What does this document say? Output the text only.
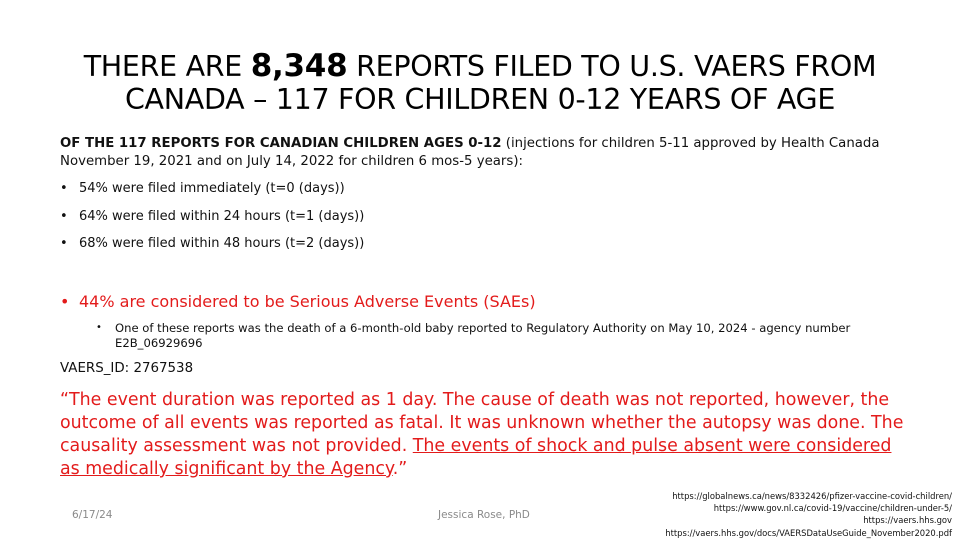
THERE ARE 8,348 REPORTS FILED TO U.S. VAERS FROM CANADA – 117 FOR CHILDREN 0-12 YEARS OF AGE
OF THE 117 REPORTS FOR CANADIAN CHILDREN AGES 0-12 (injections for children 5-11 approved by Health Canada November 19, 2021 and on July 14, 2022 for children 6 mos-5 years):
• 54% were filed immediately (t=0 (days))
• 64% were filed within 24 hours (t=1 (days))
• 68% were filed within 48 hours (t=2 (days))
• 44% are considered to be Serious Adverse Events (SAEs)
• One of these reports was the death of a 6-month-old baby reported to Regulatory Authority on May 10, 2024 - agency number E2B_06929696
VAERS_ID: 2767538
“The event duration was reported as 1 day. The cause of death was not reported, however, the outcome of all events was reported as fatal. It was unknown whether the autopsy was done. The causality assessment was not provided. The events of shock and pulse absent were considered as medically significant by the Agency.”
6/17/24	Jessica Rose, PhD
https://globalnews.ca/news/8332426/pfizer-vaccine-covid-children/
https://www.gov.nl.ca/covid-19/vaccine/children-under-5/
https://vaers.hhs.gov
https://vaers.hhs.gov/docs/VAERSDataUseGuide_November2020.pdf
